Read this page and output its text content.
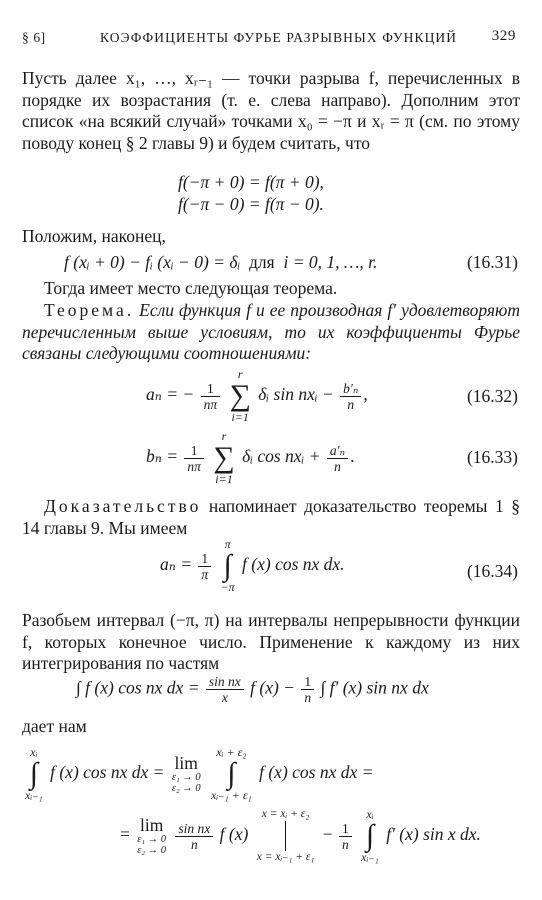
§ 6]	КОЭФФИЦИЕНТЫ ФУРЬЕ РАЗРЫВНЫХ ФУНКЦИЙ 329
Пусть далее x₁, …, xᵣ₋₁ — точки разрыва f, перечисленных в порядке их возрастания (т. е. слева направо). Дополним этот список «на всякий случай» точками x₀ = −π и xᵣ = π (см. по этому поводу конец § 2 главы 9) и будем считать, что
f(−π + 0) = f(π + 0),
f(−π − 0) = f(π − 0).
Положим, наконец,
f (xᵢ + 0) − fᵢ (xᵢ − 0) = δᵢ для i = 0, 1, …, r.	(16.31)
Тогда имеет место следующая теорема.
Теорема. Если функция f и ее производная f′ удовлетворяют перечисленным выше условиям, то их коэффициенты Фурье связаны следующими соотношениями:
aₙ = − $\frac{1}{n\pi}$

r
∑
i=1
δᵢ sin nxᵢ − $\frac{\text{b′ₙ}}{n}$ ,	(16.32)
$b_n = \frac{1}{n\pi}$

r
∑
i=1
δᵢ cos nxᵢ + $\frac{\text{a′ₙ}}{n}$ .	(16.33)
Доказательство напоминает доказательство теоремы 1 § 14 главы 9. Мы имеем
$a_n = \frac{1}{\pi}$

π
∫
−π
f (x) cos nx dx.	(16.34)
Разобьем интервал (−π, π) на интервалы непрерывности функции f, которых конечное число. Применение к каждому из них интегрирования по частям
∫ f (x) cos nx dx = $\frac{\text{sin nx}}{x}$ f $(x) - \frac{1}{n}$ ∫ f′ (x) sin nx dx
дает нам
xᵢ
∫
xᵢ₋₁
f (x) cos nx dx = lim
ε₁ → 0
ε₂ → 0

xᵢ + ε₂
∫
xᵢ₋₁ + ε₁
f (x) cos nx dx =
= lim
ε₁ → 0
ε₂ → 0
$\frac{\text{sin nx}}{n}$ f (x)
x = xᵢ + ε₂
x = xᵢ₋₁ + ε₁
− $\frac{1}{n}$

xᵢ
∫
xᵢ₋₁
f′ (x) sin x dx.
